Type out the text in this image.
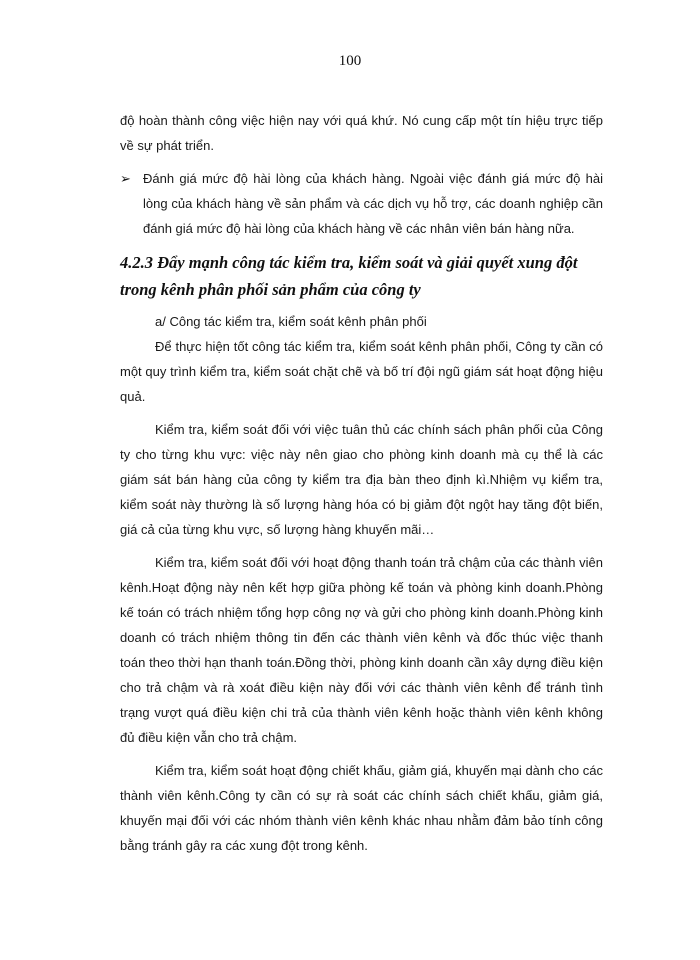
100

độ hoàn thành công việc hiện nay với quá khứ. Nó cung cấp một tín hiệu trực tiếp về sự phát triển.

➢ Đánh giá mức độ hài lòng của khách hàng. Ngoài việc đánh giá mức độ hài lòng của khách hàng về sản phẩm và các dịch vụ hỗ trợ, các doanh nghiệp cần đánh giá mức độ hài lòng của khách hàng về các nhân viên bán hàng nữa.
4.2.3 Đẩy mạnh công tác kiểm tra, kiểm soát và giải quyết xung đột trong kênh phân phối sản phẩm của công ty

a/ Công tác kiểm tra, kiểm soát kênh phân phối

Để thực hiện tốt công tác kiểm tra, kiểm soát kênh phân phối, Công ty cần có một quy trình kiểm tra, kiểm soát chặt chẽ và bố trí đội ngũ giám sát hoạt động hiệu quả.

Kiểm tra, kiểm soát đối với việc tuân thủ các chính sách phân phối của Công ty cho từng khu vực: việc này nên giao cho phòng kinh doanh mà cụ thể là các giám sát bán hàng của công ty kiểm tra địa bàn theo định kì.Nhiệm vụ kiểm tra, kiểm soát này thường là số lượng hàng hóa có bị giảm đột ngột hay tăng đột biến, giá cả của từng khu vực, số lượng hàng khuyến mãi…

Kiểm tra, kiểm soát đối với hoạt động thanh toán trả chậm của các thành viên kênh.Hoạt động này nên kết hợp giữa phòng kế toán và phòng kinh doanh.Phòng kế toán có trách nhiệm tổng hợp công nợ và gửi cho phòng kinh doanh.Phòng kinh doanh có trách nhiệm thông tin đến các thành viên kênh và đốc thúc việc thanh toán theo thời hạn thanh toán.Đồng thời, phòng kinh doanh cần xây dựng điều kiện cho trả chậm và rà xoát điều kiện này đối với các thành viên kênh để tránh tình trạng vượt quá điều kiện chi trả của thành viên kênh hoặc thành viên kênh không đủ điều kiện vẫn cho trả chậm.

Kiểm tra, kiểm soát hoạt động chiết khấu, giảm giá, khuyến mại dành cho các thành viên kênh.Công ty cần có sự rà soát các chính sách chiết khấu, giảm giá, khuyến mại đối với các nhóm thành viên kênh khác nhau nhằm đảm bảo tính công bằng tránh gây ra các xung đột trong kênh.
